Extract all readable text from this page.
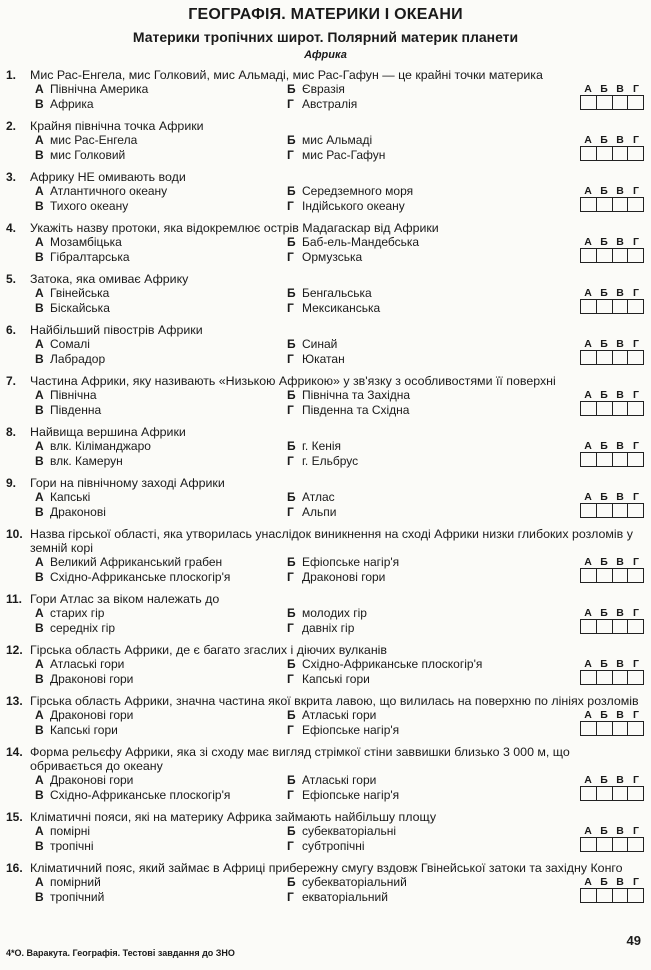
ГЕОГРАФІЯ. МАТЕРИКИ І ОКЕАНИ
Материки тропічних широт. Полярний материк планети
Африка
1. Мис Рас-Енгела, мис Голковий, мис Альмаді, мис Рас-Гафун — це крайні точки материка
А Північна Америка	Б Євразія
В Африка	Г Австралія
А Б В Г
2. Крайня північна точка Африки
А мис Рас-Енгела	Б мис Альмаді
В мис Голковий	Г мис Рас-Гафун
А Б В Г
3. Африку НЕ омивають води
А Атлантичного океану	Б Середземного моря
В Тихого океану	Г Індійського океану
А Б В Г
4. Укажіть назву протоки, яка відокремлює острів Мадагаскар від Африки
А Мозамбіцька	Б Баб-ель-Мандебська
В Гібралтарська	Г Ормузська
А Б В Г
5. Затока, яка омиває Африку
А Гвінейська	Б Бенгальська
В Біскайська	Г Мексиканська
А Б В Г
6. Найбільший півострів Африки
А Сомалі	Б Синай
В Лабрадор	Г Юкатан
А Б В Г
7. Частина Африки, яку називають «Низькою Африкою» у зв'язку з особливостями її поверхні
А Північна	Б Північна та Західна
В Південна	Г Південна та Східна
А Б В Г
8. Найвища вершина Африки
А влк. Кіліманджаро	Б г. Кенія
В влк. Камерун	Г г. Ельбрус
А Б В Г
9. Гори на північному заході Африки
А Капські	Б Атлас
В Драконові	Г Альпи
А Б В Г
10. Назва гірської області, яка утворилась унаслідок виникнення на сході Африки низки глибоких розломів у земній корі
А Великий Африканський грабен	Б Ефіопське нагір'я
В Східно-Африканське плоскогір'я	Г Драконові гори
А Б В Г
11. Гори Атлас за віком належать до
А старих гір	Б молодих гір
В середніх гір	Г давніх гір
А Б В Г
12. Гірська область Африки, де є багато згаслих і діючих вулканів
А Атлаські гори	Б Східно-Африканське плоскогір'я
В Драконові гори	Г Капські гори
А Б В Г
13. Гірська область Африки, значна частина якої вкрита лавою, що вилилась на поверхню по лініях розломів
А Драконові гори	Б Атлаські гори
В Капські гори	Г Ефіопське нагір'я
А Б В Г
14. Форма рельєфу Африки, яка зі сходу має вигляд стрімкої стіни заввишки близько 3 000 м, що обривається до океану
А Драконові гори	Б Атлаські гори
В Східно-Африканське плоскогір'я	Г Ефіопське нагір'я
А Б В Г
15. Кліматичні пояси, які на материку Африка займають найбільшу площу
А помірні	Б субекваторіальні
В тропічні	Г субтропічні
А Б В Г
16. Кліматичний пояс, який займає в Африці прибережну смугу вздовж Гвінейської затоки та західну Конго
А помірний	Б субекваторіальний
В тропічний	Г екваторіальний
А Б В Г
4*О. Варакута. Географія. Тестові завдання до ЗНО
49
